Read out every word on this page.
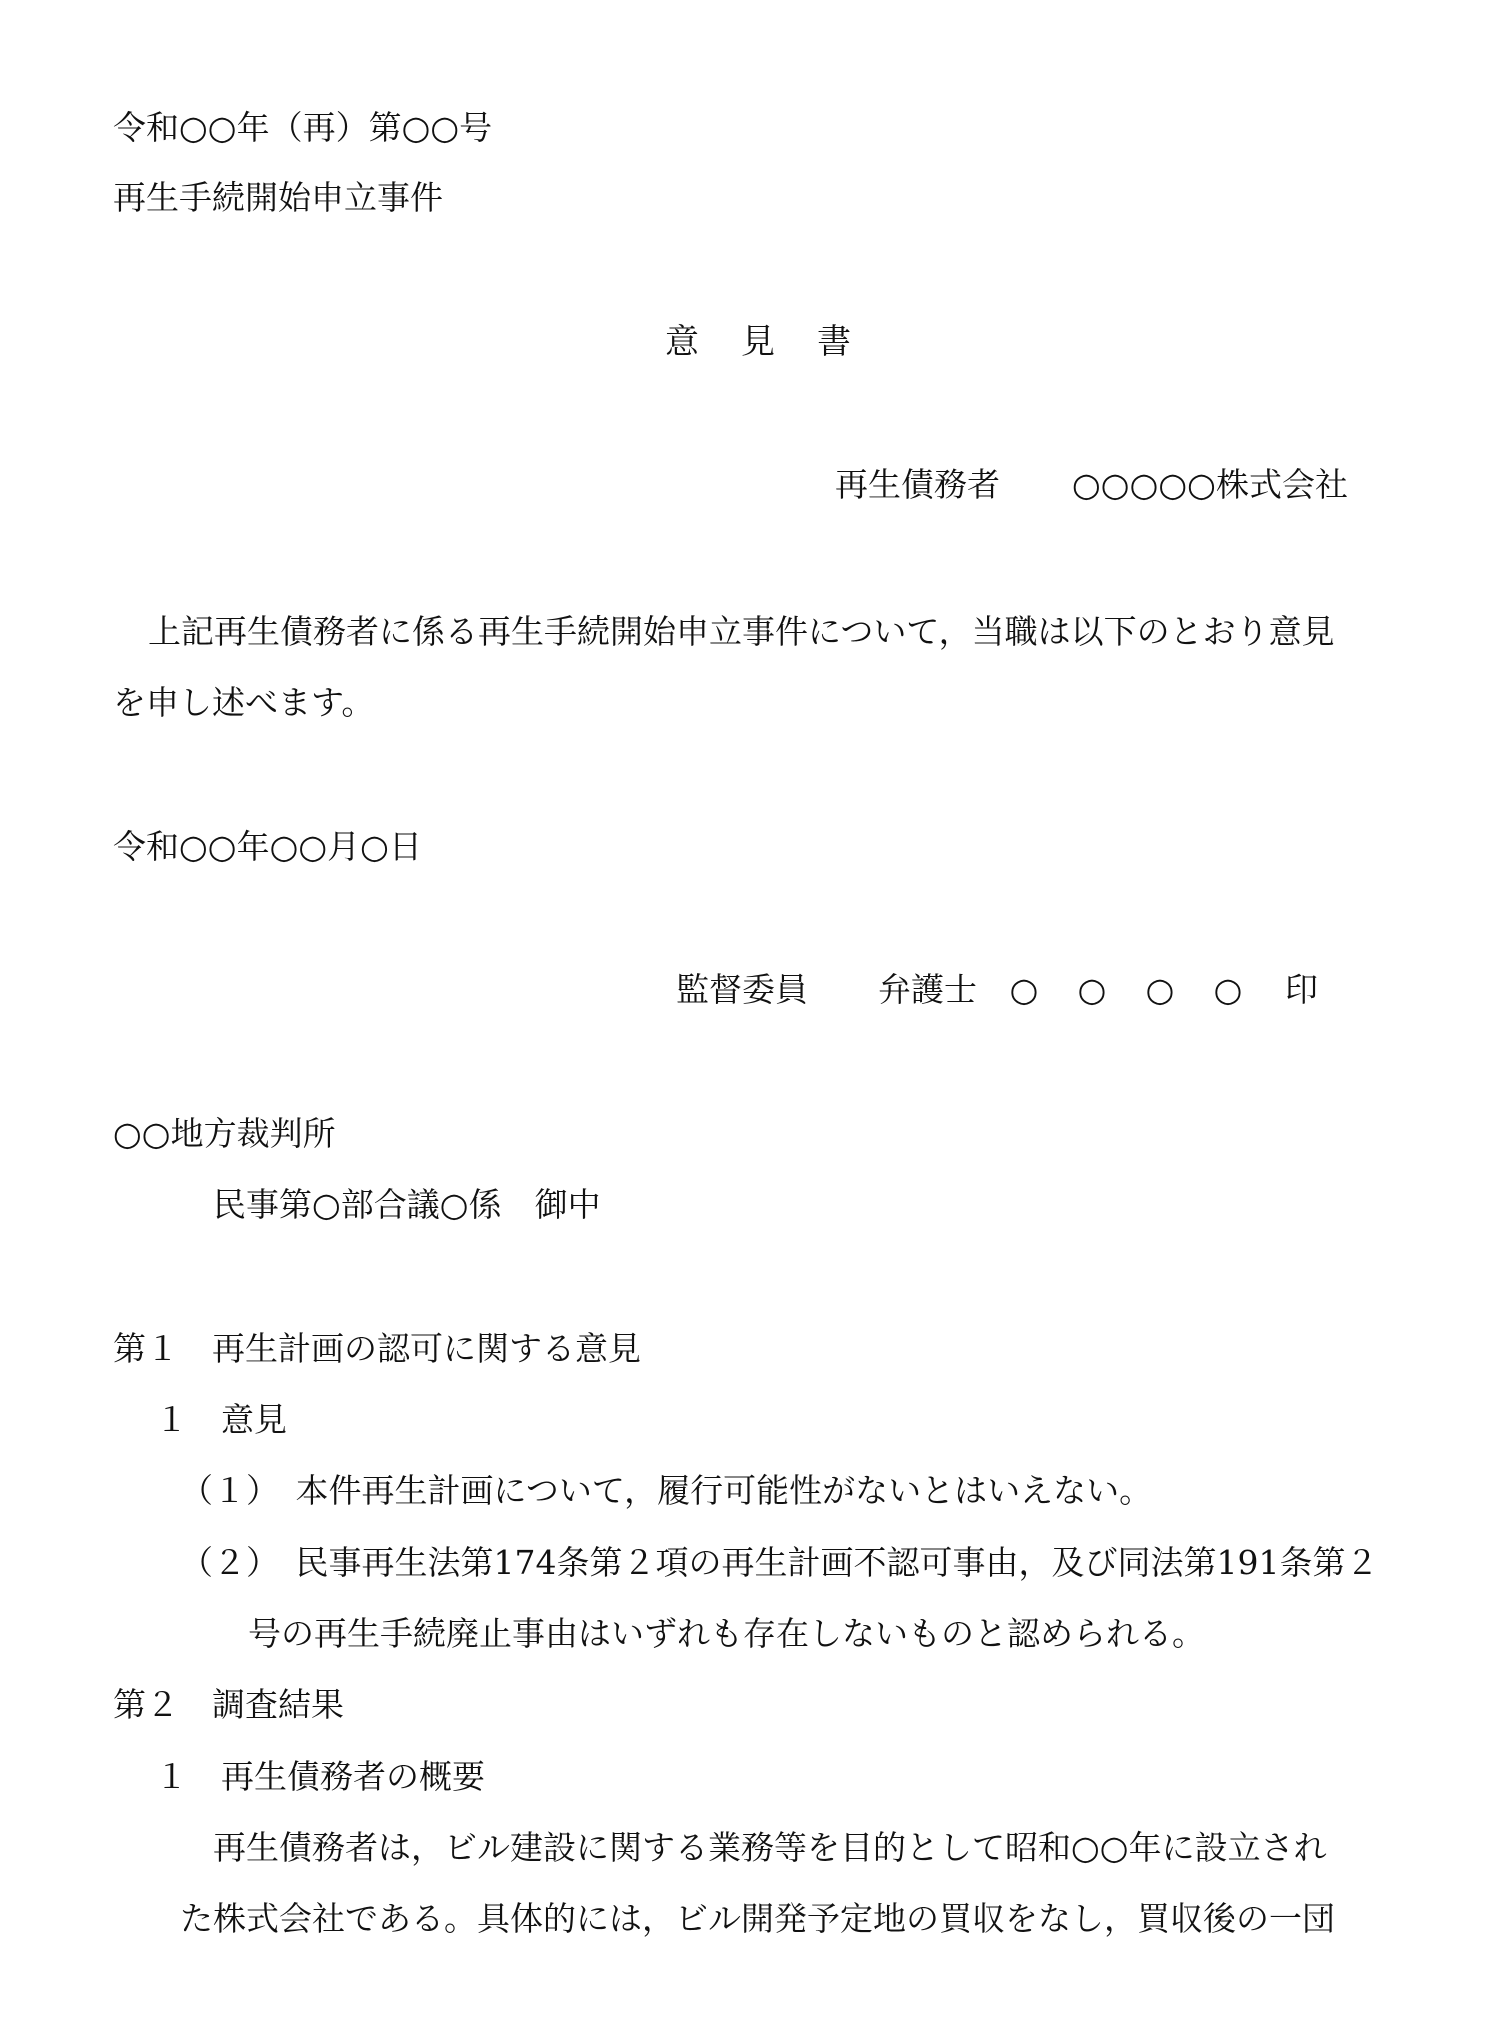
令和○○年（再）第○○号
再生手続開始申立事件
意 見 書
再生債務者 ○○○○○株式会社
上記再生債務者に係る再生手続開始申立事件について，当職は以下のとおり意見
を申し述べます。
令和○○年○○月○日
監督委員 弁護士 ○ ○ ○ ○ 印
○○地方裁判所
民事第○部合議○係　御中
第１　再生計画の認可に関する意見
１　意見
（１）　本件再生計画について，履行可能性がないとはいえない。
（２）　民事再生法第174条第２項の再生計画不認可事由，及び同法第191条第２
号の再生手続廃止事由はいずれも存在しないものと認められる。
第２　調査結果
１　再生債務者の概要
再生債務者は，ビル建設に関する業務等を目的として昭和○○年に設立され
た株式会社である。具体的には，ビル開発予定地の買収をなし，買収後の一団
